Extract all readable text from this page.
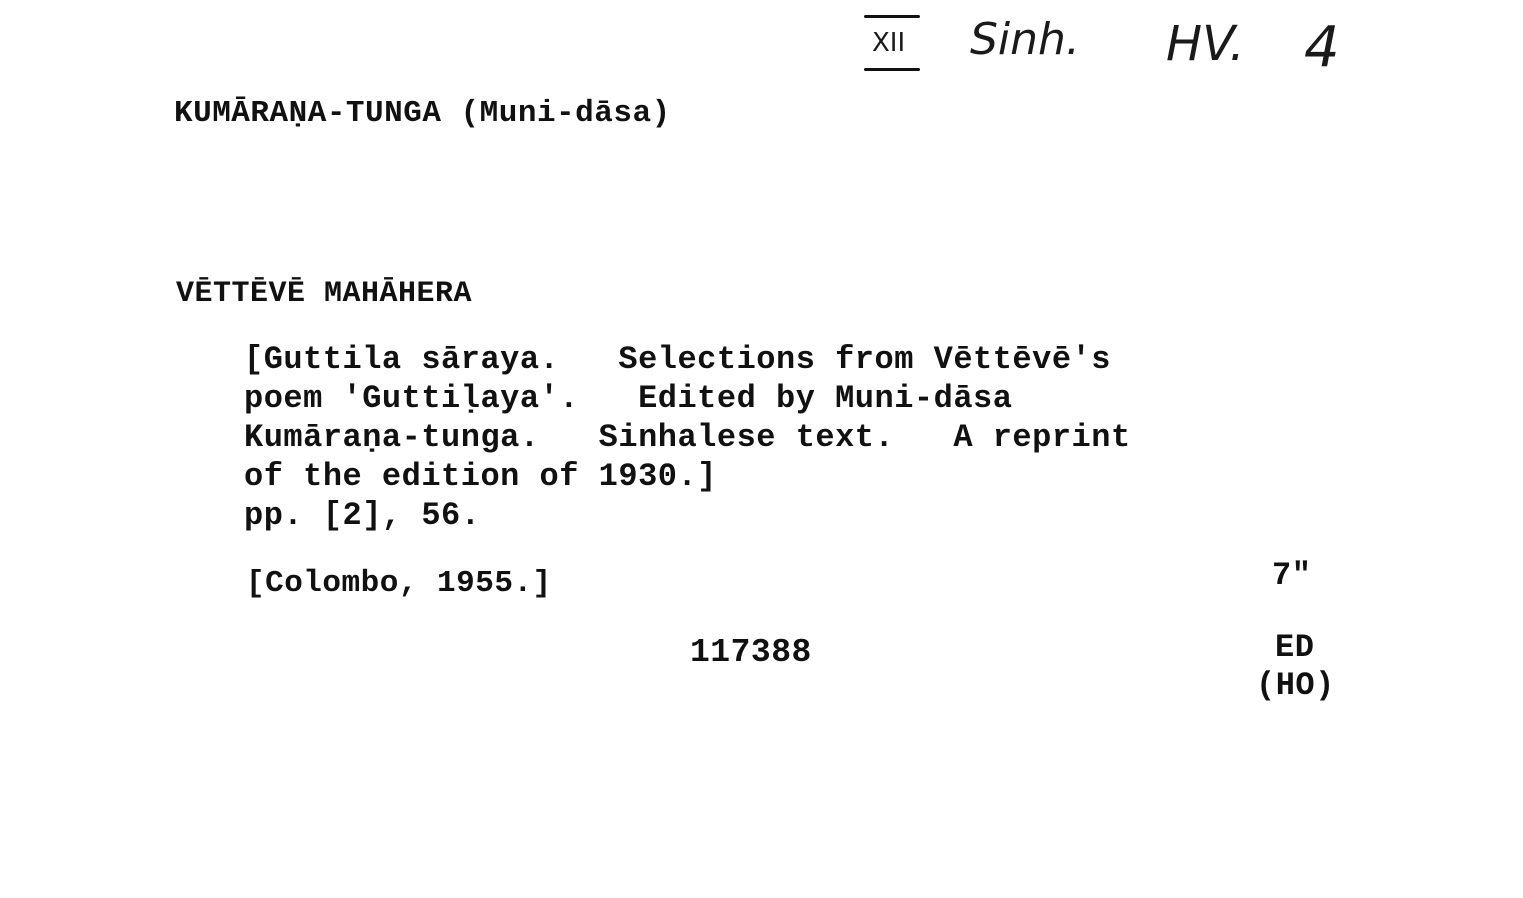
XII Sinh. HV. 4
KUMĀRAṆA-TUNGA (Muni-dāsa)
VĒTTĒVĒ MAHĀHERA
[Guttila sāraya.   Selections from Vēttēvē's
poem 'Guttiḷaya'.   Edited by Muni-dāsa
Kumāraṇa-tunga.   Sinhalese text.   A reprint
of the edition of 1930.]
pp. [2], 56.
[Colombo, 1955.]	7"
117388	ED
(HO)
